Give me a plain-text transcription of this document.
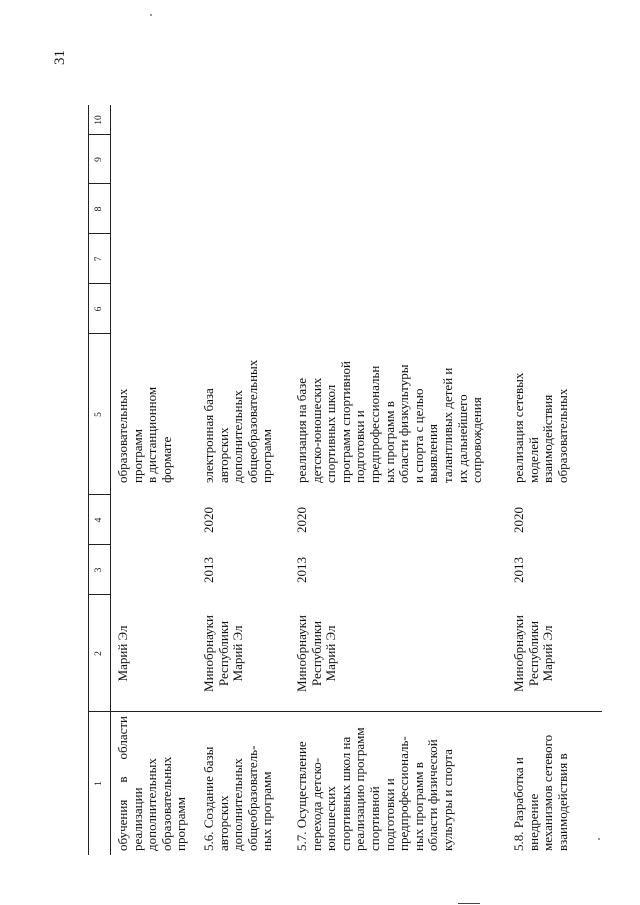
31
1
2
3
4
5
6
7
8
9
10
обучения в области реализации дополнительных образовательных программ
Марий Эл
образовательных программ в дистанционном формате
5.6. Создание базы авторских дополнительных общеобразователь- ных программ
Минобрнауки Республики Марий Эл
2013
2020
электронная база авторских дополнительных общеобразовательных программ
5.7. Осуществление перехода детско- юношеских спортивных школ на реализацию программ спортивной подготовки и предпрофессиональ- ных программ в области физической культуры и спорта
Минобрнауки Республики Марий Эл
2013
2020
реализация на базе детско-юношеских спортивных школ программ спортивной подготовки и предпрофессиональн ых программ в области физкультуры и спорта с целью выявления талантливых детей и их дальнейшего сопровождения
5.8. Разработка и внедрение механизмов сетевого взаимодействия в
Минобрнауки Республики Марий Эл
2013
2020
реализация сетевых моделей взаимодействия образовательных
